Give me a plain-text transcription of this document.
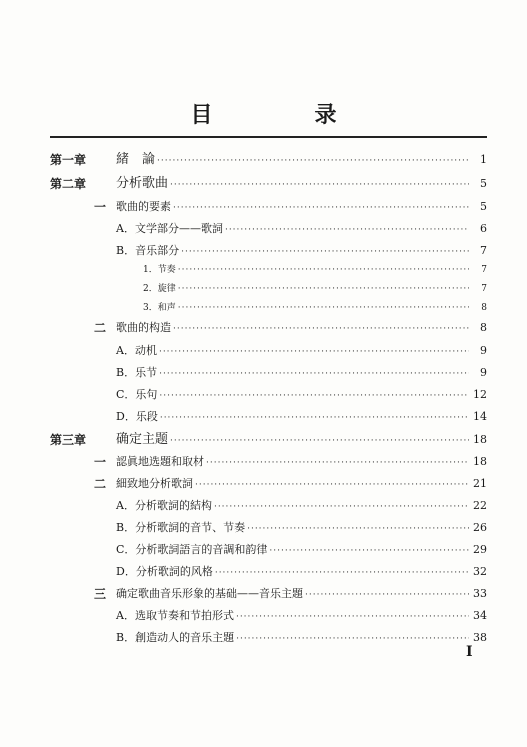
目　录
第一章	緒　論 ·····	1
第二章	分析歌曲 ·····	5
一 歌曲的要素 ·····	5
A．文学部分——歌詞 ·····	6
B．音乐部分 ·····	7
1．节奏 ·····	7
2．旋律 ·····	7
3．和声 ·····	8
二 歌曲的构造 ·····	8
A．动机 ·····	9
B．乐节 ·····	9
C．乐句 ·····	12
D．乐段 ·····	14
第三章	确定主题 ·····	18
一 認眞地选題和取材 ·····	18
二 細致地分析歌詞 ·····	21
A．分析歌詞的結构 ·····	22
B．分析歌詞的音节、节奏 ·····	26
C．分析歌詞語言的音調和韵律 ·····	29
D．分析歌詞的风格 ·····	32
三 确定歌曲音乐形象的基础——音乐主題 ·····	33
A．选取节奏和节拍形式 ·····	34
B．創造动人的音乐主題 ·····	38
I
